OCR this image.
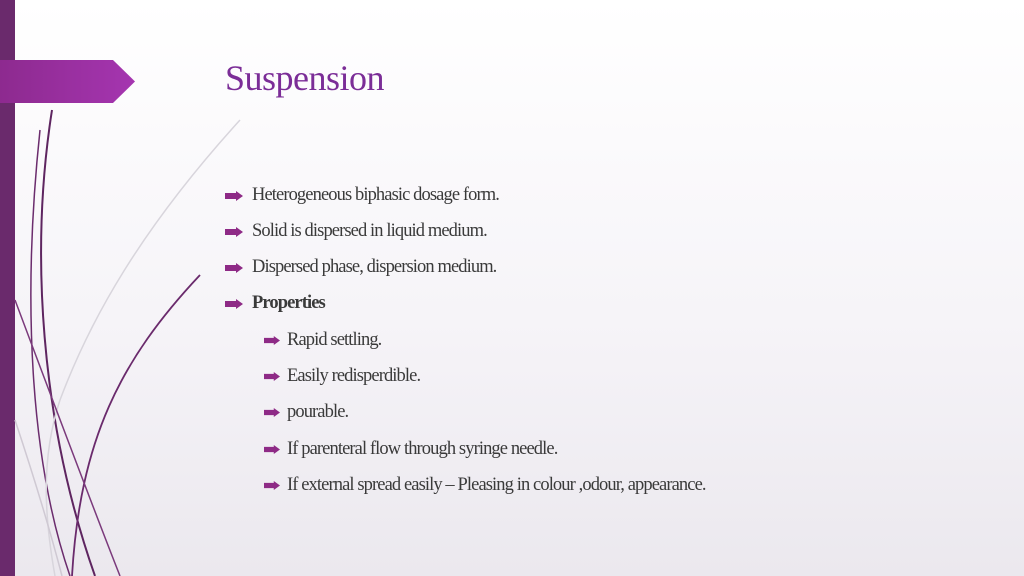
Suspension
Heterogeneous biphasic dosage form.
Solid is dispersed in liquid medium.
Dispersed phase, dispersion medium.
Properties
Rapid settling.
Easily redisperdible.
pourable.
If parenteral flow through syringe needle.
If external spread easily – Pleasing in colour ,odour, appearance.
